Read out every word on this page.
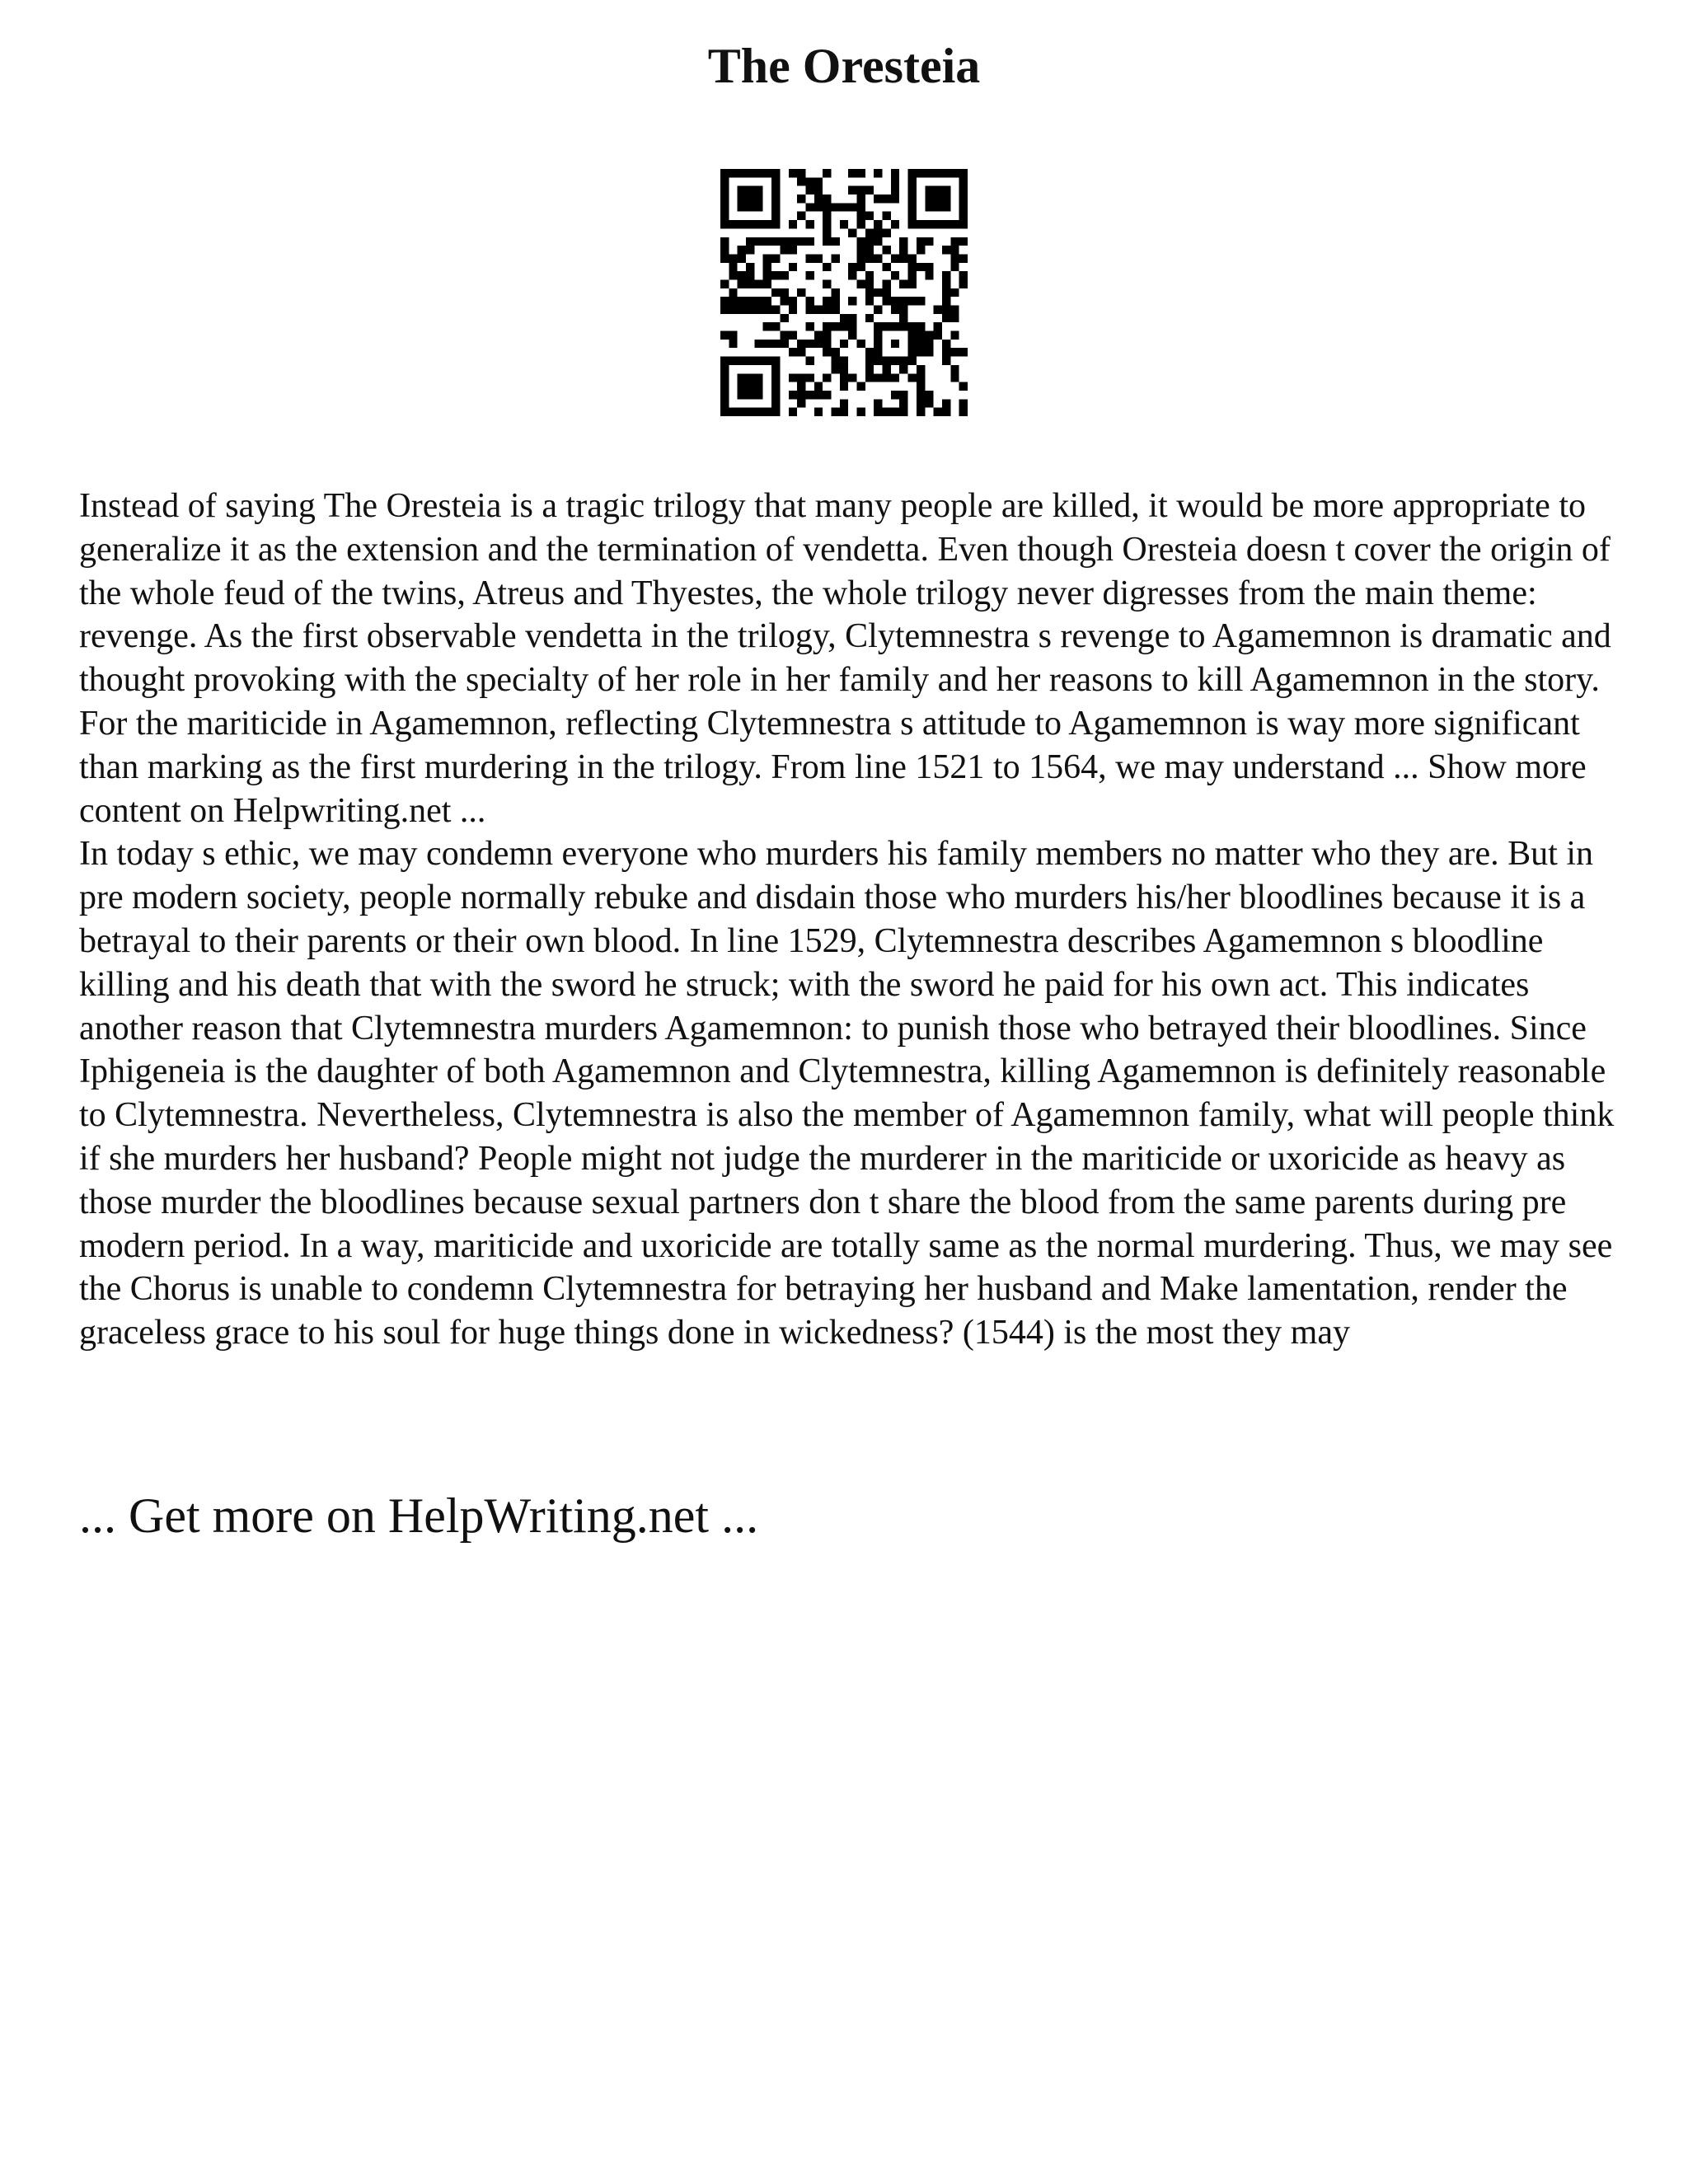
The Oresteia

Instead of saying The Oresteia is a tragic trilogy that many people are killed, it would be more appropriate to generalize it as the extension and the termination of vendetta. Even though Oresteia doesn t cover the origin of the whole feud of the twins, Atreus and Thyestes, the whole trilogy never digresses from the main theme: revenge. As the first observable vendetta in the trilogy, Clytemnestra s revenge to Agamemnon is dramatic and thought provoking with the specialty of her role in her family and her reasons to kill Agamemnon in the story.

For the mariticide in Agamemnon, reflecting Clytemnestra s attitude to Agamemnon is way more significant than marking as the first murdering in the trilogy. From line 1521 to 1564, we may understand ... Show more content on Helpwriting.net ...

In today s ethic, we may condemn everyone who murders his family members no matter who they are. But in pre modern society, people normally rebuke and disdain those who murders his/her bloodlines because it is a betrayal to their parents or their own blood. In line 1529, Clytemnestra describes Agamemnon s bloodline killing and his death that with the sword he struck; with the sword he paid for his own act. This indicates another reason that Clytemnestra murders Agamemnon: to punish those who betrayed their bloodlines. Since Iphigeneia is the daughter of both Agamemnon and Clytemnestra, killing Agamemnon is definitely reasonable to Clytemnestra. Nevertheless, Clytemnestra is also the member of Agamemnon family, what will people think if she murders her husband? People might not judge the murderer in the mariticide or uxoricide as heavy as those murder the bloodlines because sexual partners don t share the blood from the same parents during pre modern period. In a way, mariticide and uxoricide are totally same as the normal murdering. Thus, we may see the Chorus is unable to condemn Clytemnestra for betraying her husband and Make lamentation, render the graceless grace to his soul for huge things done in wickedness? (1544) is the most they may

... Get more on HelpWriting.net ...
